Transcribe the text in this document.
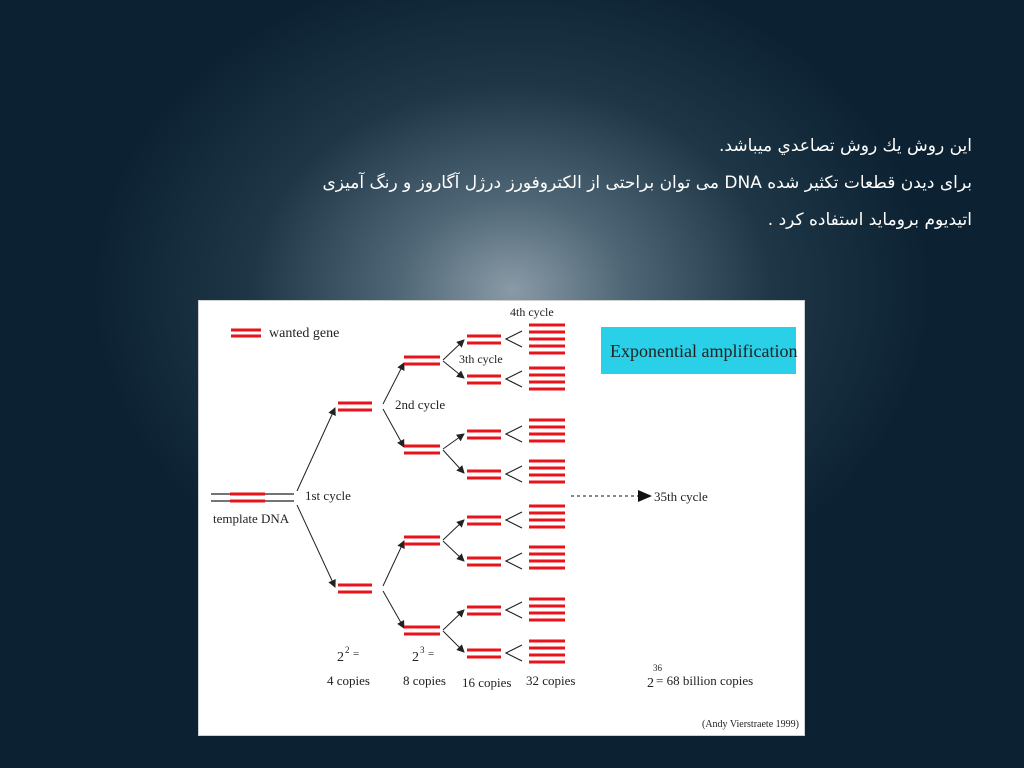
اين روش يك روش تصاعدي ميباشد.

برای دیدن قطعات تکثیر شده DNA می توان براحتی از الکتروفورز درژل آگاروز و رنگ آمیزی

اتیدیوم بروماید استفاده کرد .

wanted gene
Exponential amplification
template DNA
1st cycle
2nd cycle
3th cycle
4th cycle
35th cycle
2 2 =
4 copies
2 3 =
8 copies 16 copies 32 copies	2
36
= 68 billion copies
(Andy Vierstraete 1999)
